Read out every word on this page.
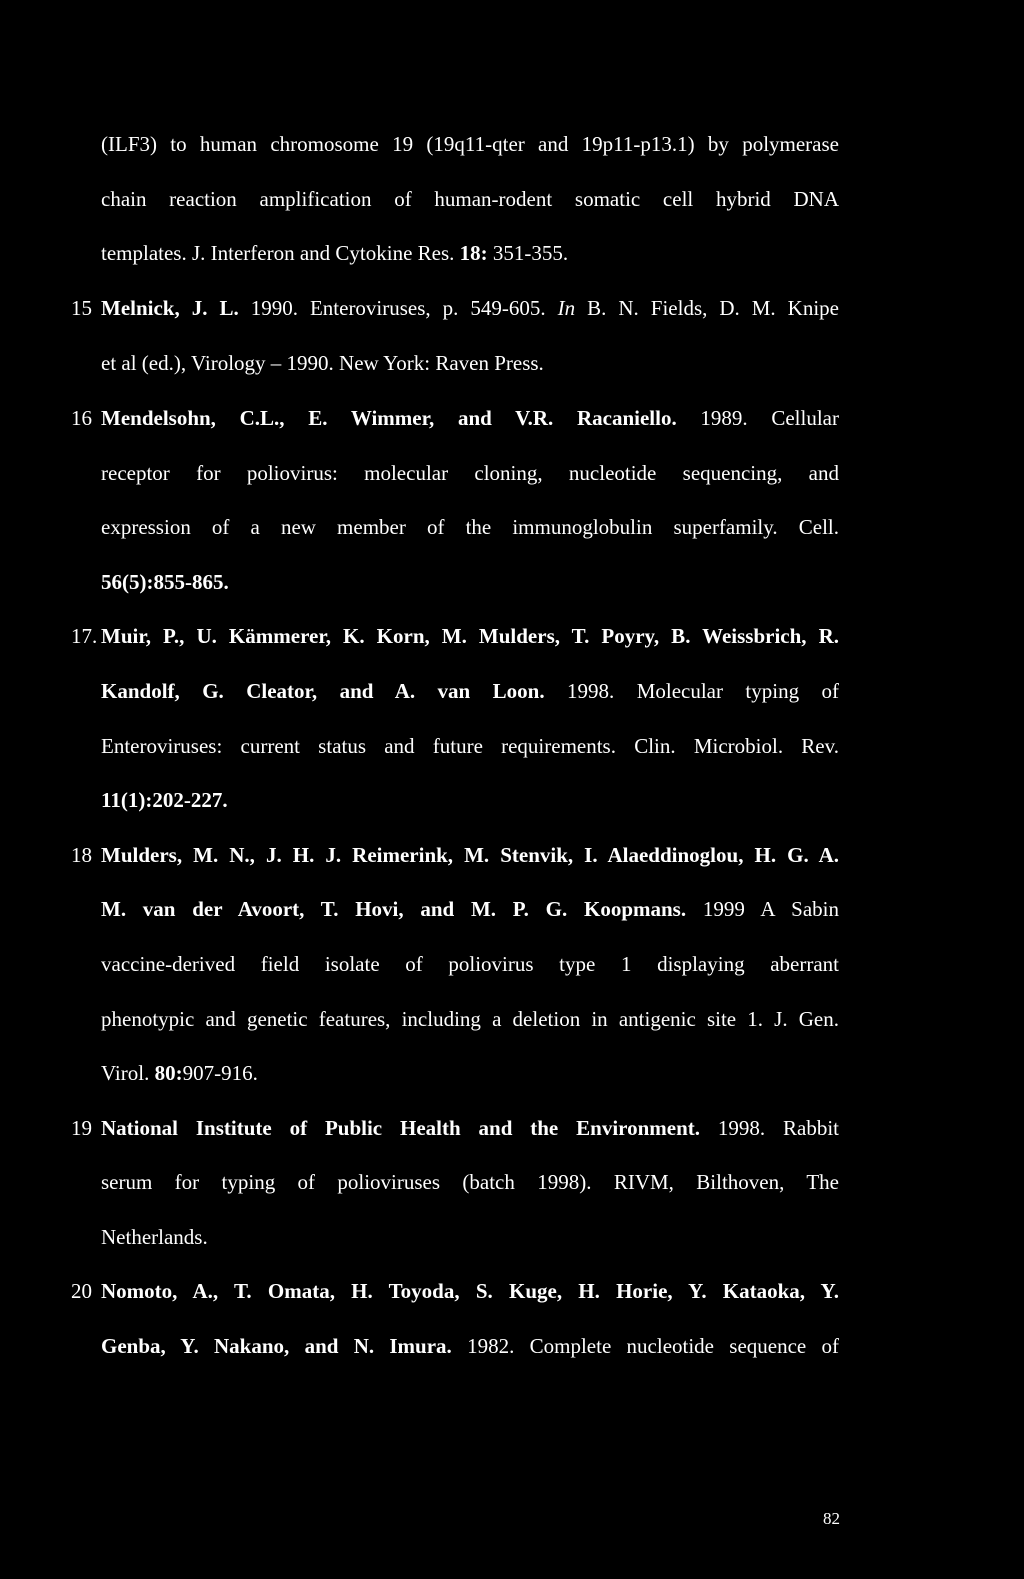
(ILF3) to human chromosome 19 (19q11-qter and 19p11-p13.1) by polymerase
chain reaction amplification of human-rodent somatic cell hybrid DNA
templates. J. Interferon and Cytokine Res. 18: 351-355.
15 Melnick, J. L. 1990. Enteroviruses, p. 549-605. In B. N. Fields, D. M. Knipe
et al (ed.), Virology – 1990. New York: Raven Press.
16 Mendelsohn, C.L., E. Wimmer, and V.R. Racaniello. 1989. Cellular
receptor for poliovirus: molecular cloning, nucleotide sequencing, and
expression of a new member of the immunoglobulin superfamily. Cell.
56(5):855-865.
17. Muir, P., U. Kämmerer, K. Korn, M. Mulders, T. Poyry, B. Weissbrich, R.
Kandolf, G. Cleator, and A. van Loon. 1998. Molecular typing of
Enteroviruses: current status and future requirements. Clin. Microbiol. Rev.
11(1):202-227.
18 Mulders, M. N., J. H. J. Reimerink, M. Stenvik, I. Alaeddinoglou, H. G. A.
M. van der Avoort, T. Hovi, and M. P. G. Koopmans. 1999 A Sabin
vaccine-derived field isolate of poliovirus type 1 displaying aberrant
phenotypic and genetic features, including a deletion in antigenic site 1. J. Gen.
Virol. 80:907-916.
19 National Institute of Public Health and the Environment. 1998. Rabbit
serum for typing of polioviruses (batch 1998). RIVM, Bilthoven, The
Netherlands.
20 Nomoto, A., T. Omata, H. Toyoda, S. Kuge, H. Horie, Y. Kataoka, Y.
Genba, Y. Nakano, and N. Imura. 1982. Complete nucleotide sequence of
82
